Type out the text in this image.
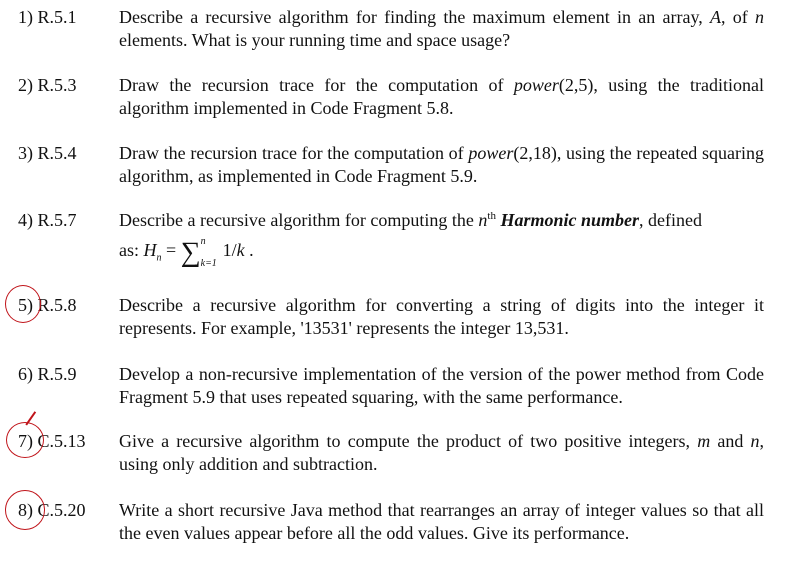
1) R.5.1	Describe a recursive algorithm for finding the maximum element in an array, A, of n elements. What is your running time and space usage?
2) R.5.3	Draw the recursion trace for the computation of power(2,5), using the traditional algorithm implemented in Code Fragment 5.8.
3) R.5.4	Draw the recursion trace for the computation of power(2,18), using the repeated squaring algorithm, as implemented in Code Fragment 5.9.
4) R.5.7	Describe a recursive algorithm for computing the $n^{th}$ Harmonic number, defined
as: $H_n$ = ∑ n
k=1
1/k .
5) R.5.8	Describe a recursive algorithm for converting a string of digits into the integer it represents. For example, '13531' represents the integer 13,531.
6) R.5.9	Develop a non-recursive implementation of the version of the power method from Code Fragment 5.9 that uses repeated squaring, with the same performance.
7) C.5.13	Give a recursive algorithm to compute the product of two positive integers, m and n, using only addition and subtraction.
8) C.5.20	Write a short recursive Java method that rearranges an array of integer values so that all the even values appear before all the odd values. Give its performance.
